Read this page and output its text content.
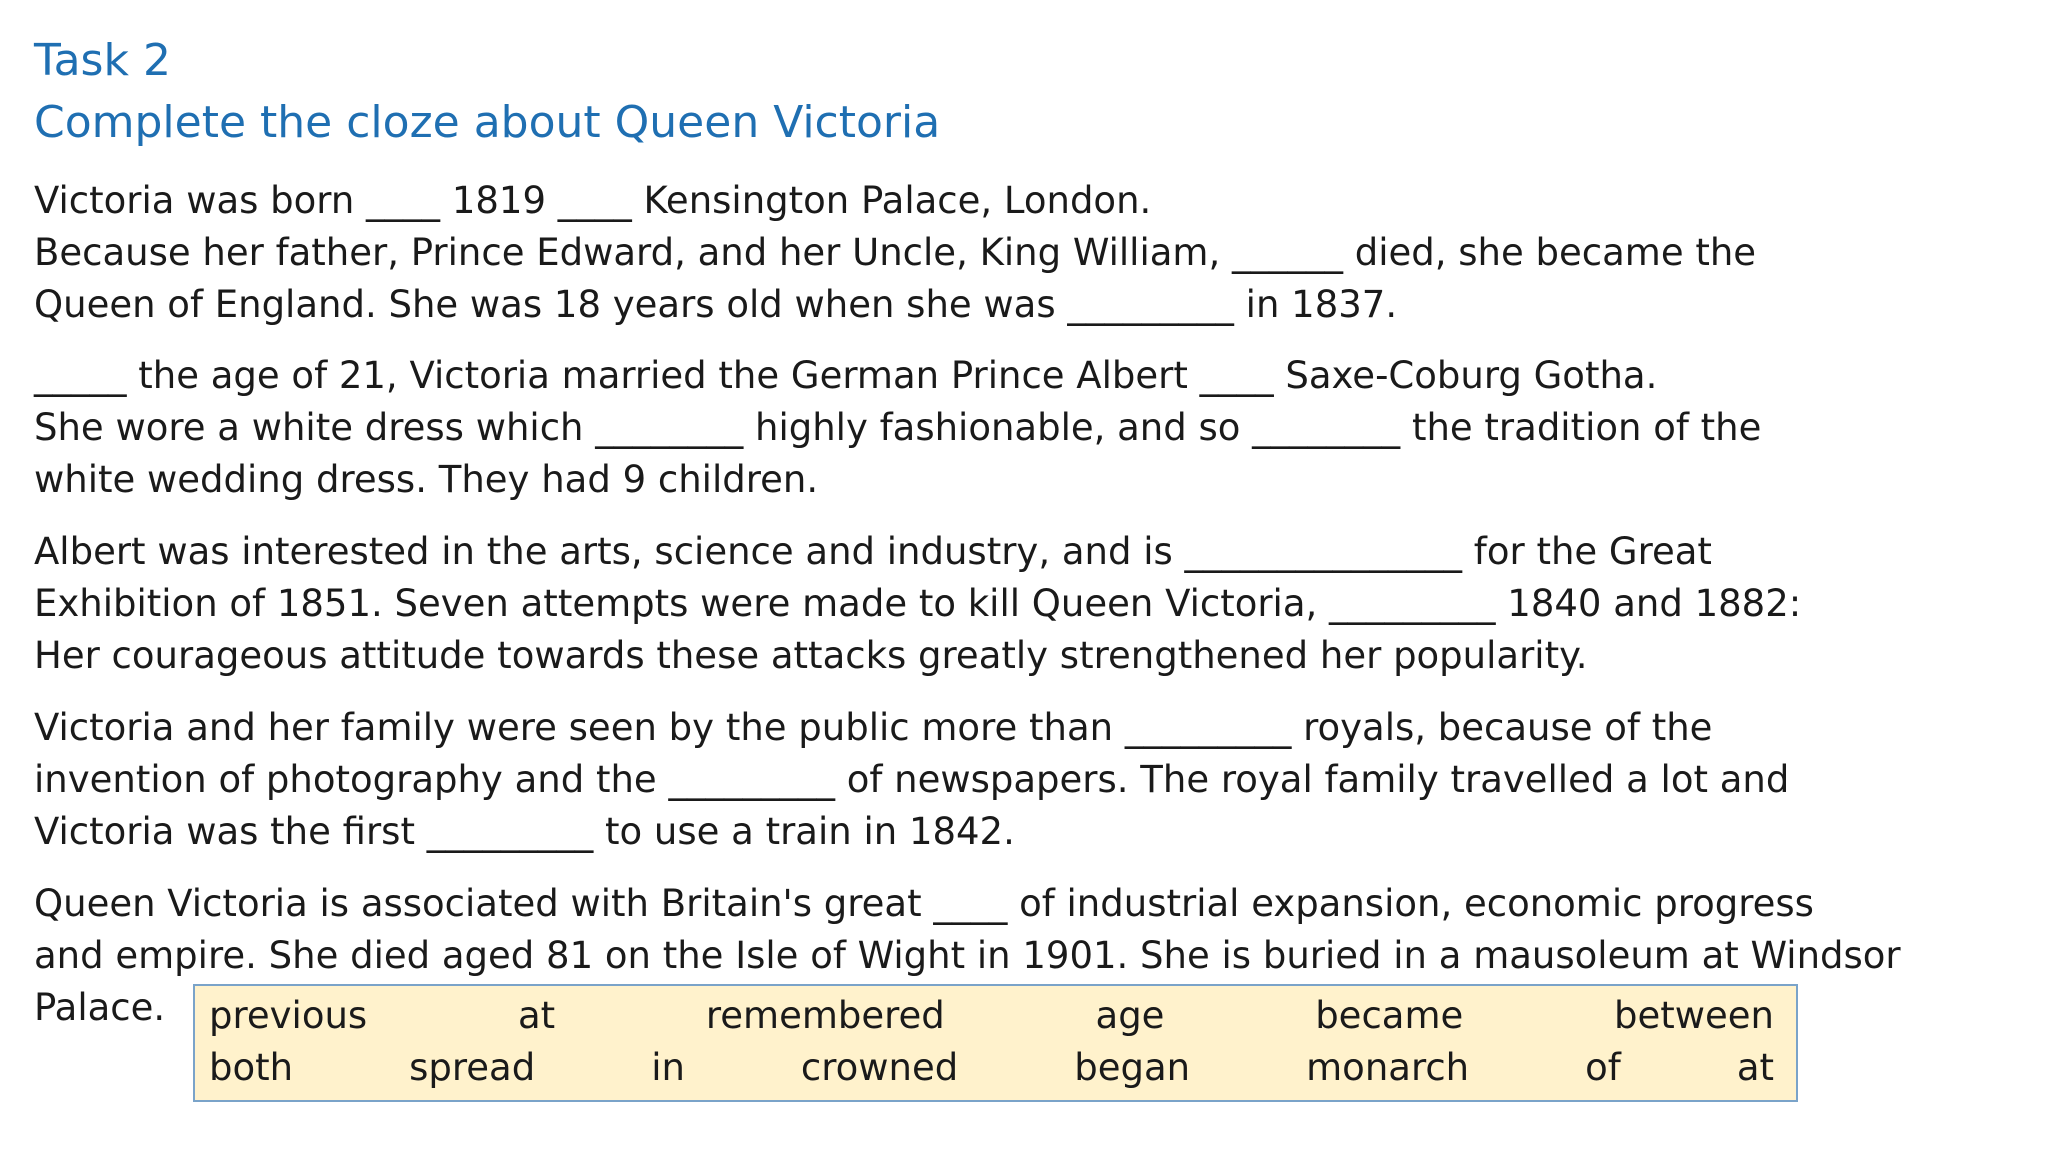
Task 2
Complete the cloze about Queen Victoria

Victoria was born ____ 1819 ____ Kensington Palace, London.
Because her father, Prince Edward, and her Uncle, King William, ______ died, she became the
Queen of England. She was 18 years old when she was _________ in 1837.

_____ the age of 21, Victoria married the German Prince Albert ____ Saxe-Coburg Gotha.
She wore a white dress which ________ highly fashionable, and so ________ the tradition of the
white wedding dress. They had 9 children.

Albert was interested in the arts, science and industry, and is _______________ for the Great
Exhibition of 1851. Seven attempts were made to kill Queen Victoria, _________ 1840 and 1882:
Her courageous attitude towards these attacks greatly strengthened her popularity.

Victoria and her family were seen by the public more than _________ royals, because of the
invention of photography and the _________ of newspapers. The royal family travelled a lot and
Victoria was the first _________ to use a train in 1842.

Queen Victoria is associated with Britain's great ____ of industrial expansion, economic progress
and empire. She died aged 81 on the Isle of Wight in 1901. She is buried in a mausoleum at Windsor
Palace.	previous	at	remembered	age	became	between
both	spread	in	crowned	began	monarch	of	at
